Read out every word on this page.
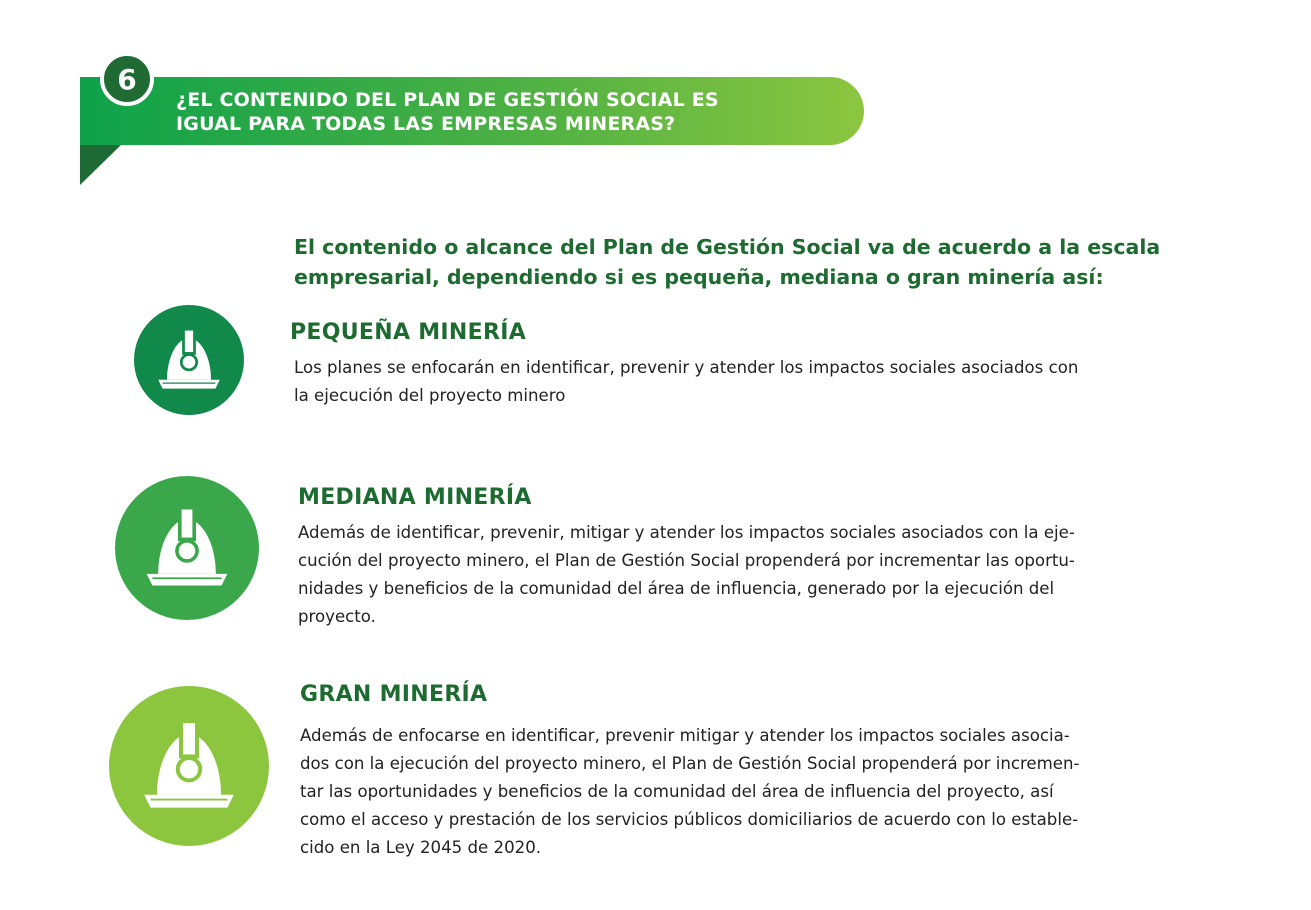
6
¿EL CONTENIDO DEL PLAN DE GESTIÓN SOCIAL ES
IGUAL PARA TODAS LAS EMPRESAS MINERAS?

El contenido o alcance del Plan de Gestión Social va de acuerdo a la escala
empresarial, dependiendo si es pequeña, mediana o gran minería así:

PEQUEÑA MINERÍA

Los planes se enfocarán en identificar, prevenir y atender los impactos sociales asociados con
la ejecución del proyecto minero

MEDIANA MINERÍA

Además de identificar, prevenir, mitigar y atender los impactos sociales asociados con la eje-
cución del proyecto minero, el Plan de Gestión Social propenderá por incrementar las oportu-
nidades y beneficios de la comunidad del área de influencia, generado por la ejecución del
proyecto.

GRAN MINERÍA

Además de enfocarse en identificar, prevenir mitigar y atender los impactos sociales asocia-
dos con la ejecución del proyecto minero, el Plan de Gestión Social propenderá por incremen-
tar las oportunidades y beneficios de la comunidad del área de influencia del proyecto, así
como el acceso y prestación de los servicios públicos domiciliarios de acuerdo con lo estable-
cido en la Ley 2045 de 2020.
